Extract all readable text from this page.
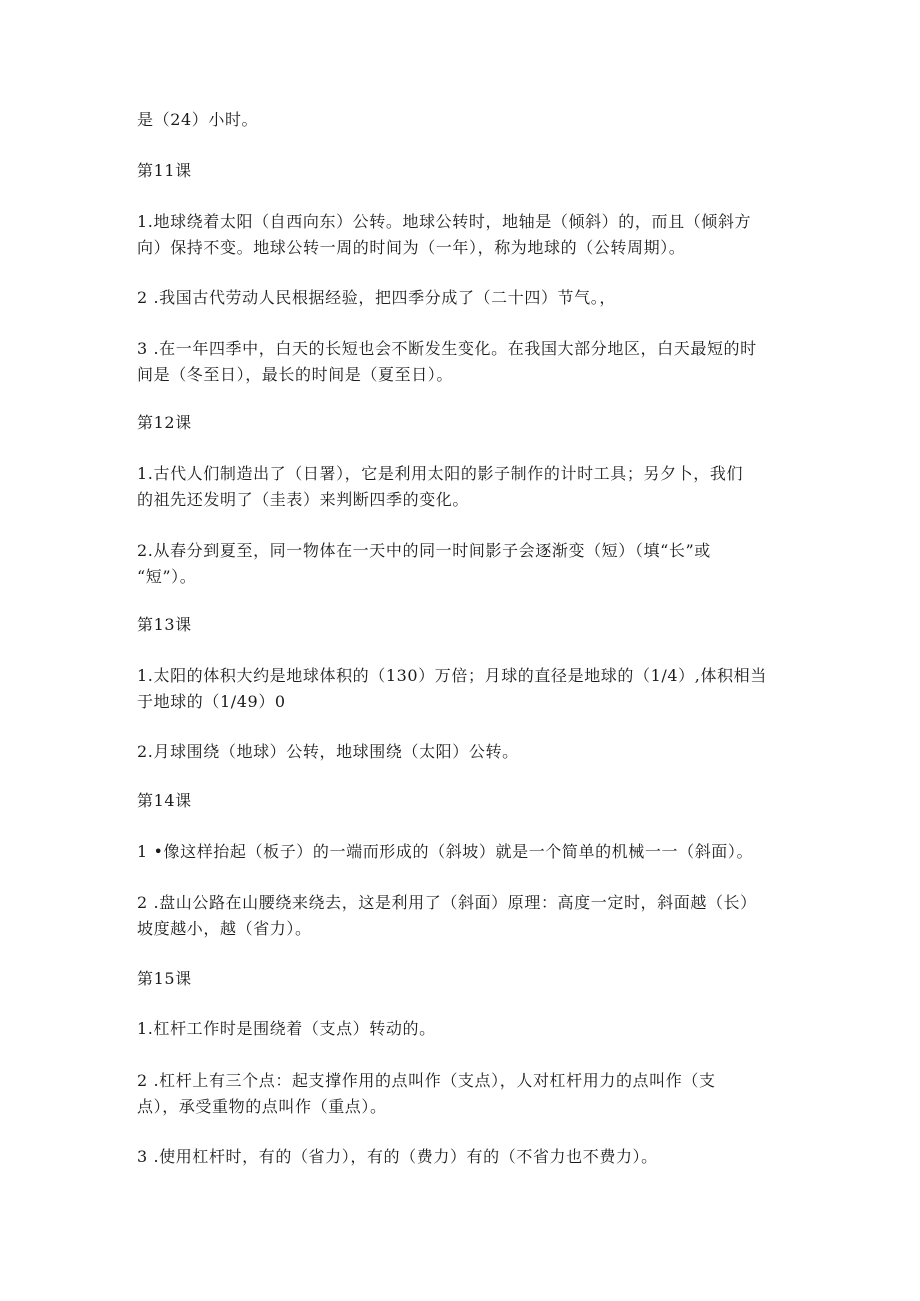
是（24）小时。
第11课
1.地球绕着太阳（自西向东）公转。地球公转时，地轴是（倾斜）的，而且（倾斜方
向）保持不变。地球公转一周的时间为（一年），称为地球的（公转周期）。
2 .我国古代劳动人民根据经验，把四季分成了（二十四）节气。，
3 .在一年四季中，白天的长短也会不断发生变化。在我国大部分地区，白天最短的时
间是（冬至日），最长的时间是（夏至日）。
第12课
1.古代人们制造出了（日署），它是利用太阳的影子制作的计时工具；另夕卜，我们
的祖先还发明了（圭表）来判断四季的变化。
2.从春分到夏至，同一物体在一天中的同一时间影子会逐渐变（短）（填“长”或
“短”）。
第13课
1.太阳的体积大约是地球体积的（130）万倍；月球的直径是地球的（1/4）,体积相当
于地球的（1/49）0
2.月球围绕（地球）公转，地球围绕（太阳）公转。
第14课
1 •像这样抬起（板子）的一端而形成的（斜坡）就是一个简单的机械一一（斜面）。
2 .盘山公路在山腰绕来绕去，这是利用了（斜面）原理：高度一定时，斜面越（长）
坡度越小，越（省力）。
第15课
1.杠杆工作时是围绕着（支点）转动的。
2 .杠杆上有三个点：起支撑作用的点叫作（支点），人对杠杆用力的点叫作（支
点），承受重物的点叫作（重点）。
3 .使用杠杆时，有的（省力），有的（费力）有的（不省力也不费力）。
